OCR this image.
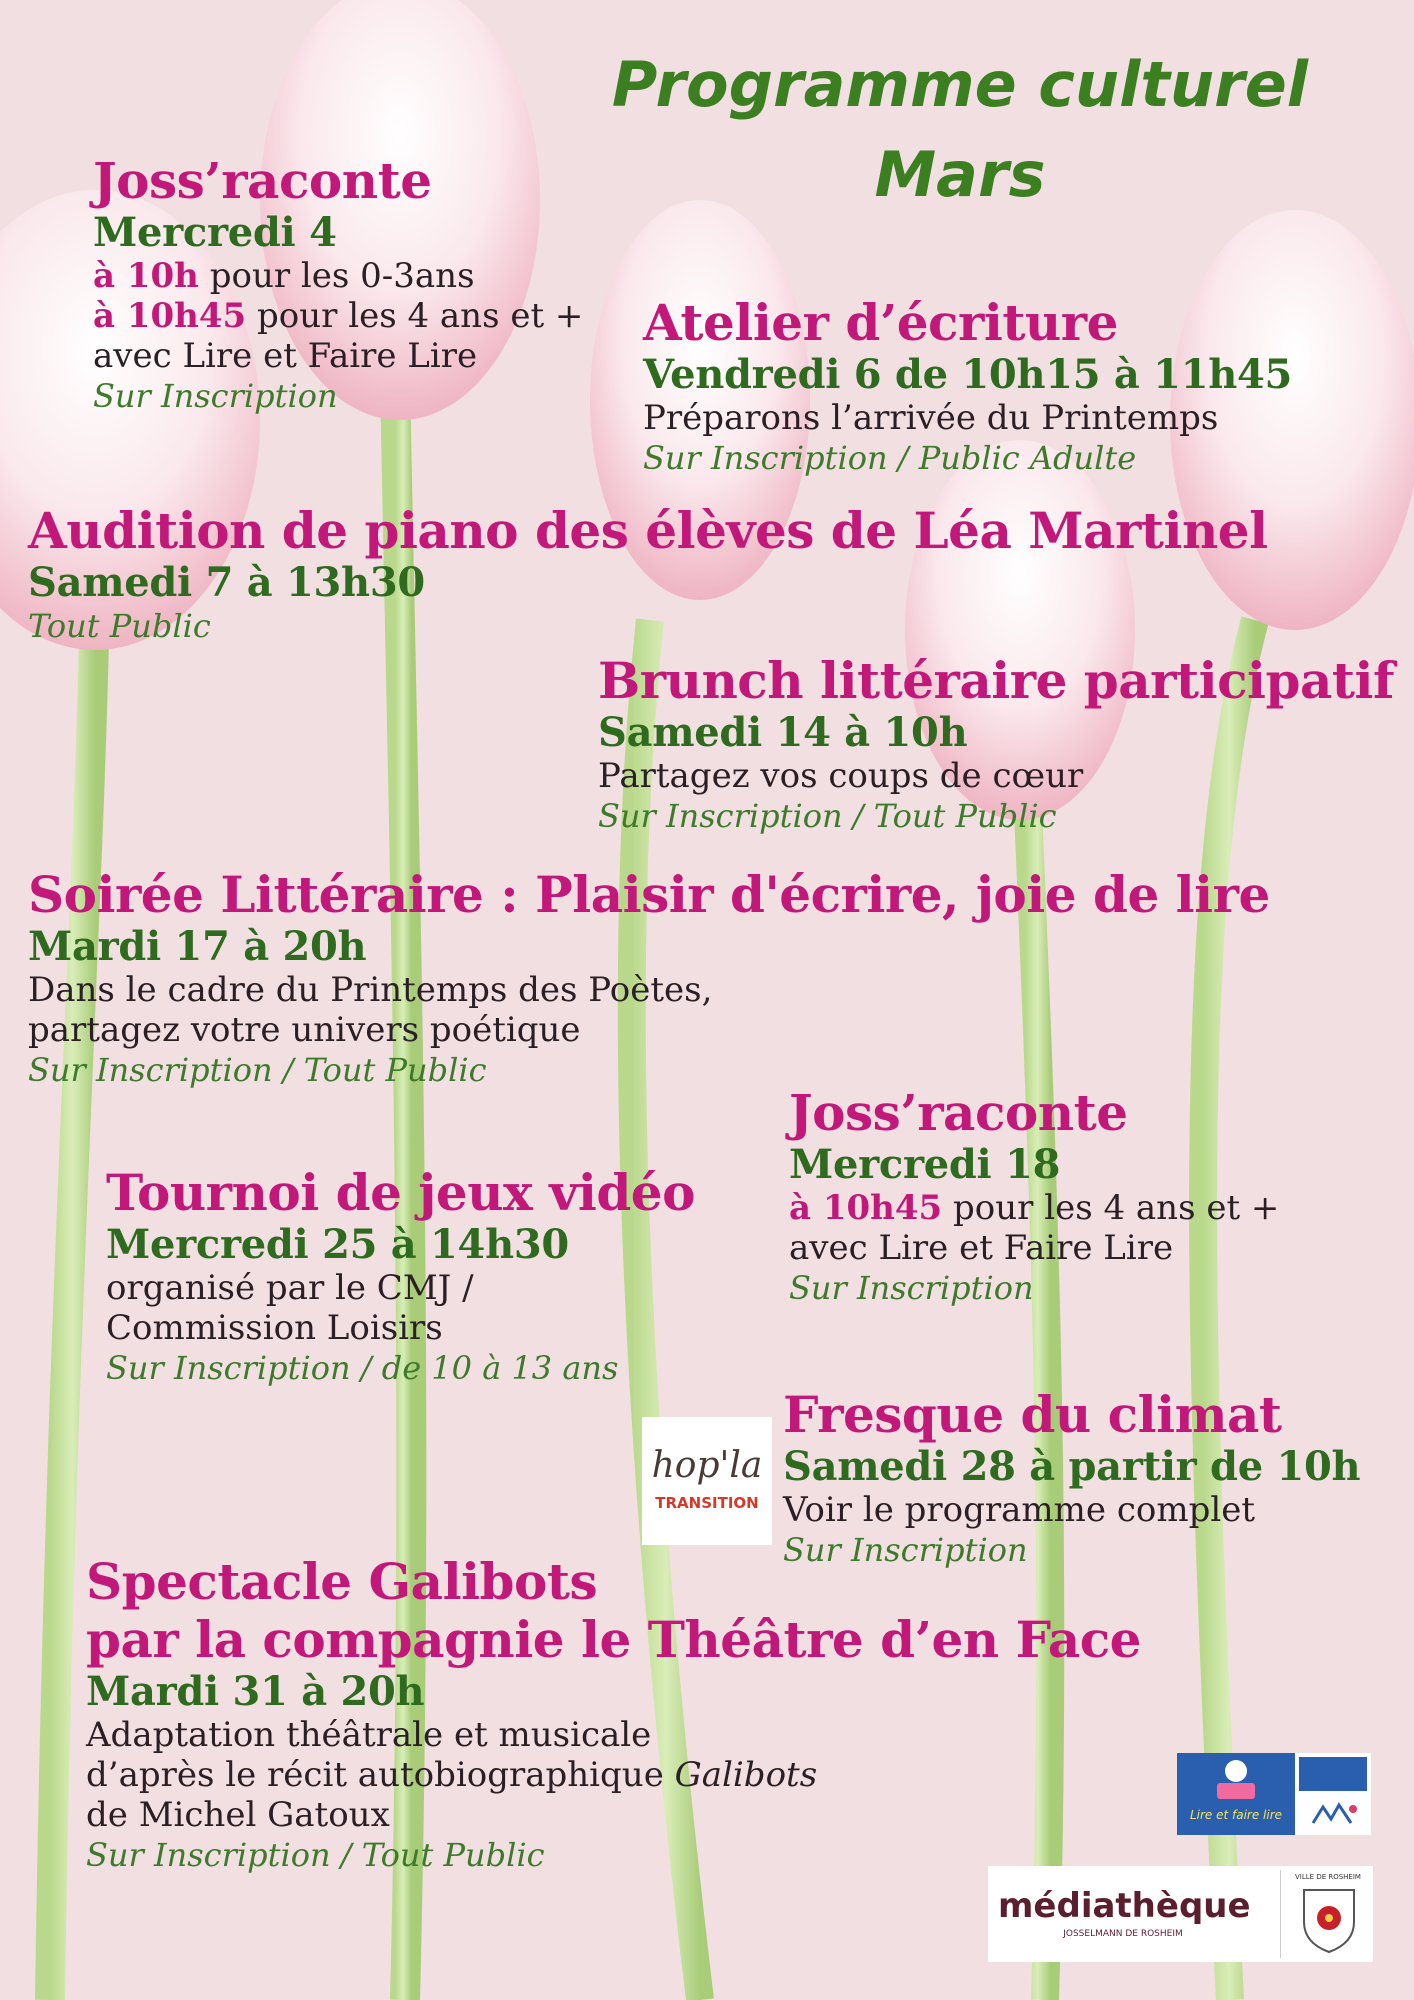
Programme culturel
Mars
Joss’raconte
Mercredi 4
à 10h pour les 0-3ans
à 10h45 pour les 4 ans et +
avec Lire et Faire Lire
Sur Inscription
Atelier d’écriture
Vendredi 6 de 10h15 à 11h45
Préparons l’arrivée du Printemps
Sur Inscription / Public Adulte
Audition de piano des élèves de Léa Martinel
Samedi 7 à 13h30
Tout Public
Brunch littéraire participatif
Samedi 14 à 10h
Partagez vos coups de cœur
Sur Inscription / Tout Public
Soirée Littéraire : Plaisir d'écrire, joie de lire
Mardi 17 à 20h
Dans le cadre du Printemps des Poètes,
partagez votre univers poétique
Sur Inscription / Tout Public
Joss’raconte
Mercredi 18
à 10h45 pour les 4 ans et +
avec Lire et Faire Lire
Sur Inscription
Tournoi de jeux vidéo
Mercredi 25 à 14h30
organisé par le CMJ /
Commission Loisirs
Sur Inscription / de 10 à 13 ans
hop'la
TRANSITION
Fresque du climat
Samedi 28 à partir de 10h
Voir le programme complet
Sur Inscription
Spectacle Galibots
par la compagnie le Théâtre d’en Face
Mardi 31 à 20h
Adaptation théâtrale et musicale
d’après le récit autobiographique Galibots
de Michel Gatoux
Sur Inscription / Tout Public
Lire et faire lire
médiathèque
JOSSELMANN DE ROSHEIM
VILLE DE ROSHEIM
